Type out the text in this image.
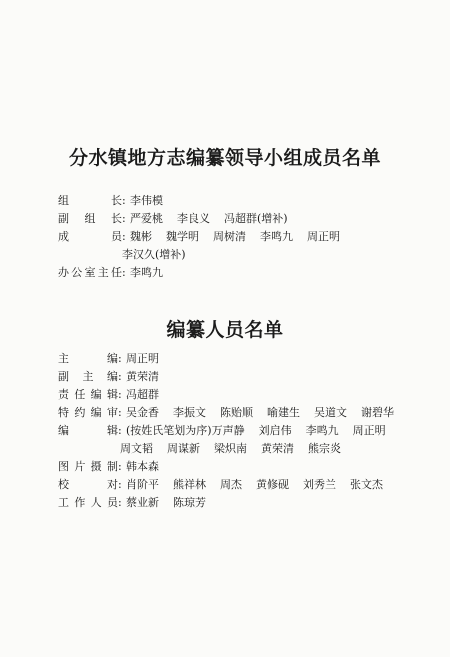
分水镇地方志编纂领导小组成员名单
组长 : 李伟模
副组长 : 严爱桃 李良义 冯超群(增补)
成员 : 魏彬 魏学明 周树清 李鸣九 周正明
李汉久(增补)
办公室主任 : 李鸣九
编纂人员名单
主编 : 周正明
副主编 : 黄荣清
责任编辑 : 冯超群
特约编审 : 吴金香 李振文 陈贻顺 喻建生 吴道文 谢碧华
编辑 : (按姓氏笔划为序)万声静 刘启伟 李鸣九 周正明
周文韬 周谋新 梁炽南 黄荣清 熊宗炎
图片摄制 : 韩本森
校对 : 肖阶平 熊祥林 周杰 黄修砚 刘秀兰 张文杰
工作人员 : 蔡业新 陈琼芳
